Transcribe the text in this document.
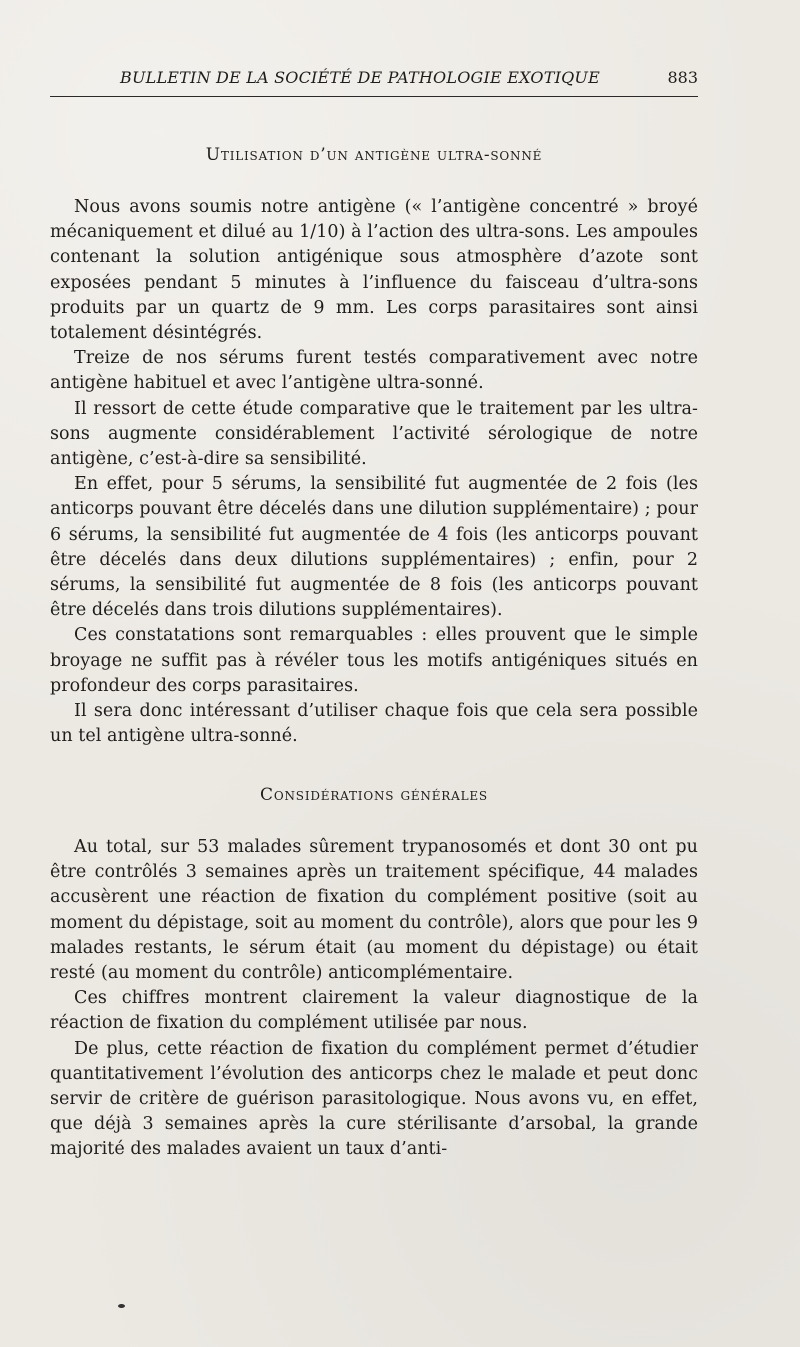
BULLETIN DE LA SOCIÉTÉ DE PATHOLOGIE EXOTIQUE	883
Utilisation d’un antigène ultra-sonné

Nous avons soumis notre antigène (« l’antigène concentré » broyé mécaniquement et dilué au 1/10) à l’action des ultra-sons. Les ampoules contenant la solution antigénique sous atmosphère d’azote sont exposées pendant 5 minutes à l’influence du faisceau d’ultra-sons produits par un quartz de 9 mm. Les corps parasitaires sont ainsi totalement désintégrés.

Treize de nos sérums furent testés comparativement avec notre antigène habituel et avec l’antigène ultra-sonné.

Il ressort de cette étude comparative que le traitement par les ultra-sons augmente considérablement l’activité sérologique de notre antigène, c’est-à-dire sa sensibilité.

En effet, pour 5 sérums, la sensibilité fut augmentée de 2 fois (les anticorps pouvant être décelés dans une dilution supplémentaire) ; pour 6 sérums, la sensibilité fut augmentée de 4 fois (les anticorps pouvant être décelés dans deux dilutions supplémentaires) ; enfin, pour 2 sérums, la sensibilité fut augmentée de 8 fois (les anticorps pouvant être décelés dans trois dilutions supplémentaires).

Ces constatations sont remarquables : elles prouvent que le simple broyage ne suffit pas à révéler tous les motifs antigéniques situés en profondeur des corps parasitaires.

Il sera donc intéressant d’utiliser chaque fois que cela sera possible un tel antigène ultra-sonné.

Considérations générales

Au total, sur 53 malades sûrement trypanosomés et dont 30 ont pu être contrôlés 3 semaines après un traitement spécifique, 44 malades accusèrent une réaction de fixation du complément positive (soit au moment du dépistage, soit au moment du contrôle), alors que pour les 9 malades restants, le sérum était (au moment du dépistage) ou était resté (au moment du contrôle) anticomplémentaire.

Ces chiffres montrent clairement la valeur diagnostique de la réaction de fixation du complément utilisée par nous.

De plus, cette réaction de fixation du complément permet d’étudier quantitativement l’évolution des anticorps chez le malade et peut donc servir de critère de guérison parasitologique. Nous avons vu, en effet, que déjà 3 semaines après la cure stérilisante d’arsobal, la grande majorité des malades avaient un taux d’anti-
